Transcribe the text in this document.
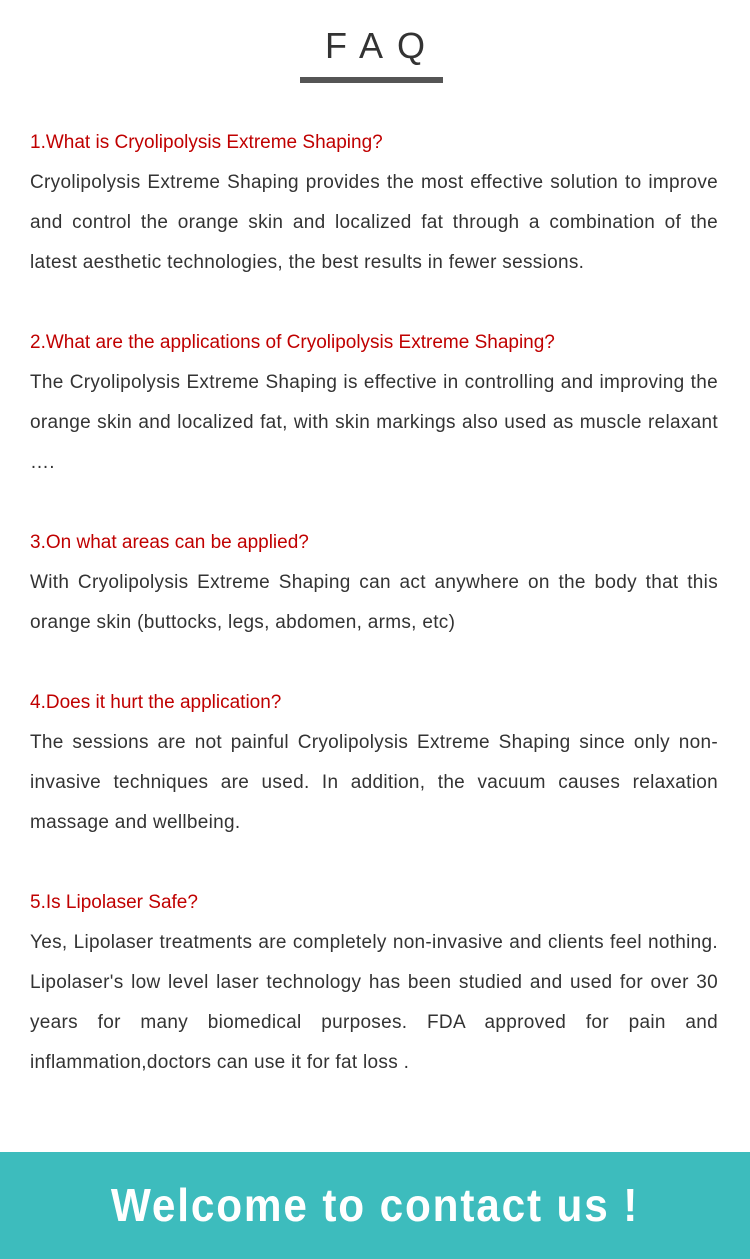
FAQ
1.What is Cryolipolysis Extreme Shaping?
Cryolipolysis Extreme Shaping provides the most effective solution to improve and control the orange skin and localized fat through a combination of the latest aesthetic technologies, the best results in fewer sessions.
2.What are the applications of Cryolipolysis Extreme Shaping?
The Cryolipolysis Extreme Shaping is effective in controlling and improving the orange skin and localized fat, with skin markings also used as muscle relaxant ….
3.On what areas can be applied?
With Cryolipolysis Extreme Shaping can act anywhere on the body that this orange skin (buttocks, legs, abdomen, arms, etc)
4.Does it hurt the application?
The sessions are not painful Cryolipolysis Extreme Shaping since only non-invasive techniques are used. In addition, the vacuum causes relaxation massage and wellbeing.
5.Is Lipolaser Safe?
Yes, Lipolaser treatments are completely non-invasive and clients feel nothing. Lipolaser's low level laser technology has been studied and used for over 30 years for many biomedical purposes. FDA approved for pain and inflammation,doctors can use it for fat loss .
Welcome to contact us !
